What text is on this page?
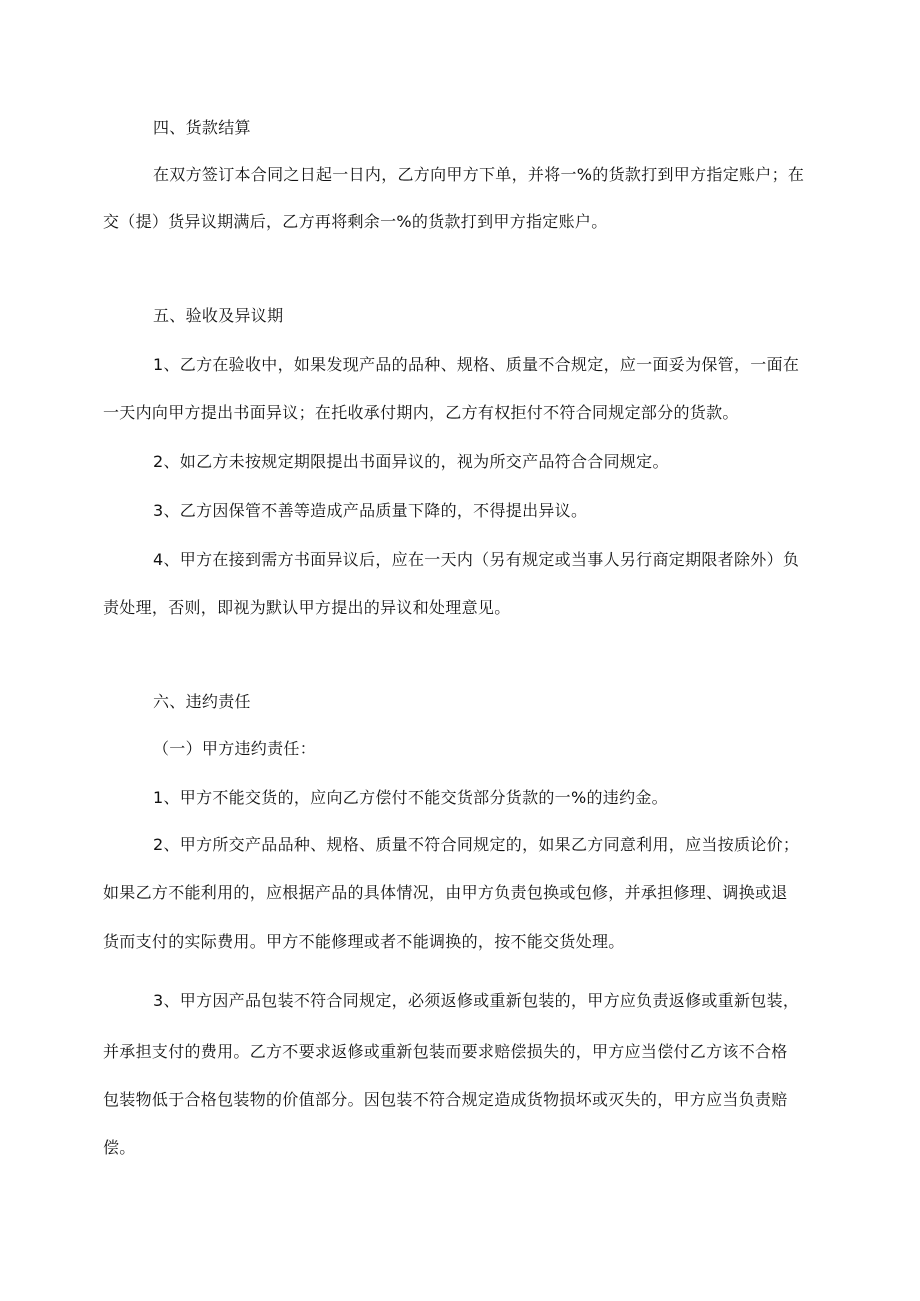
四、货款结算
在双方签订本合同之日起一日内，乙方向甲方下单，并将一%的货款打到甲方指定账户；在
交（提）货异议期满后，乙方再将剩余一%的货款打到甲方指定账户。
五、验收及异议期
1、乙方在验收中，如果发现产品的品种、规格、质量不合规定，应一面妥为保管，一面在
一天内向甲方提出书面异议；在托收承付期内，乙方有权拒付不符合同规定部分的货款。
2、如乙方未按规定期限提出书面异议的，视为所交产品符合合同规定。
3、乙方因保管不善等造成产品质量下降的，不得提出异议。
4、甲方在接到需方书面异议后，应在一天内（另有规定或当事人另行商定期限者除外）负
责处理，否则，即视为默认甲方提出的异议和处理意见。
六、违约责任
（一）甲方违约责任：
1、甲方不能交货的，应向乙方偿付不能交货部分货款的一%的违约金。
2、甲方所交产品品种、规格、质量不符合同规定的，如果乙方同意利用，应当按质论价；
如果乙方不能利用的，应根据产品的具体情况，由甲方负责包换或包修，并承担修理、调换或退
货而支付的实际费用。甲方不能修理或者不能调换的，按不能交货处理。
3、甲方因产品包装不符合同规定，必须返修或重新包装的，甲方应负责返修或重新包装，
并承担支付的费用。乙方不要求返修或重新包装而要求赔偿损失的，甲方应当偿付乙方该不合格
包装物低于合格包装物的价值部分。因包装不符合规定造成货物损坏或灭失的，甲方应当负责赔
偿。
